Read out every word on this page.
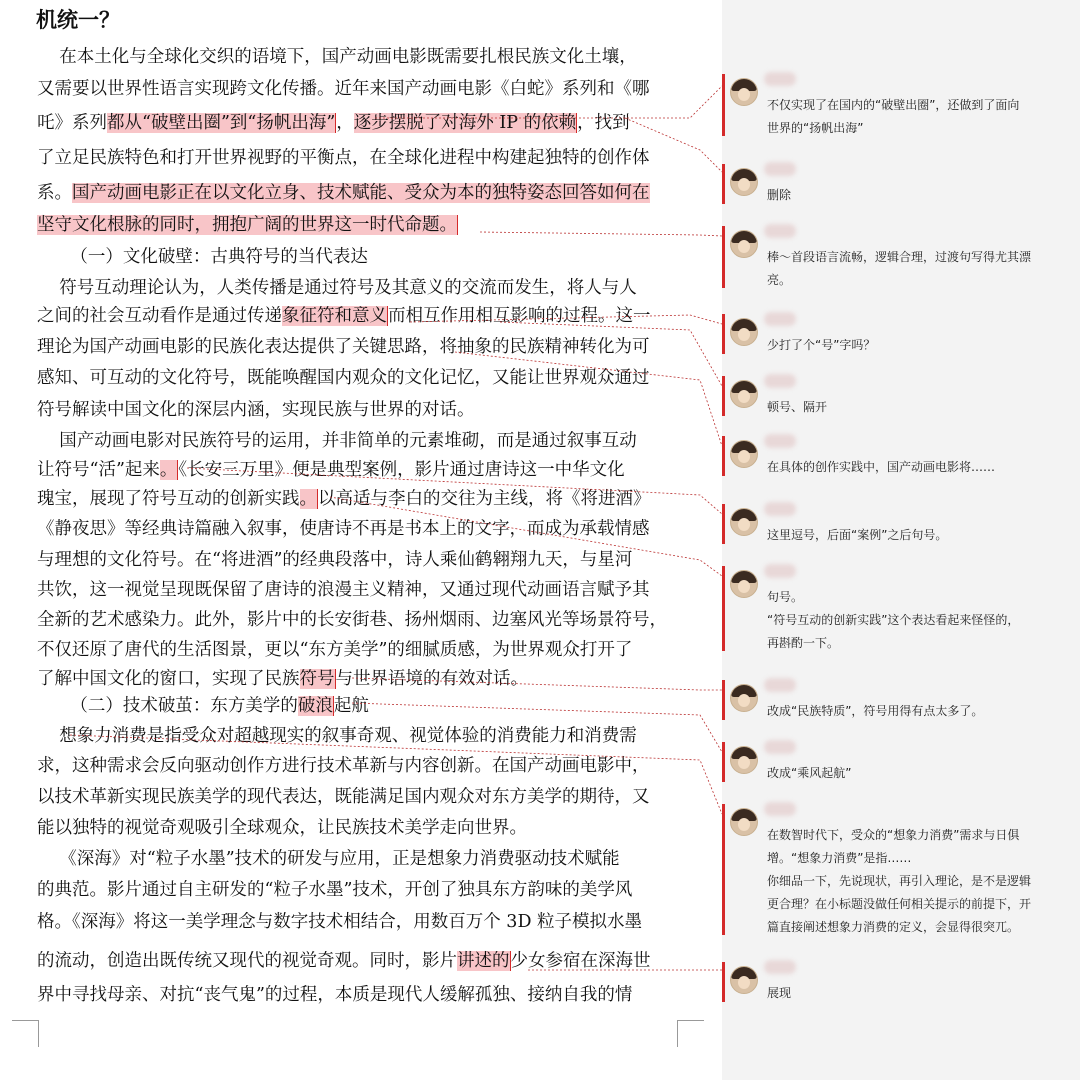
机统一？
在本土化与全球化交织的语境下，国产动画电影既需要扎根民族文化土壤，
又需要以世界性语言实现跨文化传播。近年来国产动画电影《白蛇》系列和《哪
吒》系列都从“破壁出圈”到“扬帆出海”，逐步摆脱了对海外 IP 的依赖，找到
了立足民族特色和打开世界视野的平衡点，在全球化进程中构建起独特的创作体
系。国产动画电影正在以文化立身、技术赋能、受众为本的独特姿态回答如何在
坚守文化根脉的同时，拥抱广阔的世界这一时代命题。
（一）文化破壁：古典符号的当代表达
符号互动理论认为，人类传播是通过符号及其意义的交流而发生，将人与人
之间的社会互动看作是通过传递象征符和意义而相互作用相互影响的过程。这一
理论为国产动画电影的民族化表达提供了关键思路，将抽象的民族精神转化为可
感知、可互动的文化符号，既能唤醒国内观众的文化记忆，又能让世界观众通过
符号解读中国文化的深层内涵，实现民族与世界的对话。
国产动画电影对民族符号的运用，并非简单的元素堆砌，而是通过叙事互动
让符号“活”起来。《长安三万里》便是典型案例，影片通过唐诗这一中华文化
瑰宝，展现了符号互动的创新实践。以高适与李白的交往为主线，将《将进酒》
《静夜思》等经典诗篇融入叙事，使唐诗不再是书本上的文字，而成为承载情感
与理想的文化符号。在“将进酒”的经典段落中，诗人乘仙鹤翱翔九天，与星河
共饮，这一视觉呈现既保留了唐诗的浪漫主义精神，又通过现代动画语言赋予其
全新的艺术感染力。此外，影片中的长安街巷、扬州烟雨、边塞风光等场景符号，
不仅还原了唐代的生活图景，更以“东方美学”的细腻质感，为世界观众打开了
了解中国文化的窗口，实现了民族符号与世界语境的有效对话。
（二）技术破茧：东方美学的破浪起航
想象力消费是指受众对超越现实的叙事奇观、视觉体验的消费能力和消费需
求，这种需求会反向驱动创作方进行技术革新与内容创新。在国产动画电影中，
以技术革新实现民族美学的现代表达，既能满足国内观众对东方美学的期待，又
能以独特的视觉奇观吸引全球观众，让民族技术美学走向世界。
《深海》对“粒子水墨”技术的研发与应用，正是想象力消费驱动技术赋能
的典范。影片通过自主研发的“粒子水墨”技术，开创了独具东方韵味的美学风
格。《深海》将这一美学理念与数字技术相结合，用数百万个 3D 粒子模拟水墨
的流动，创造出既传统又现代的视觉奇观。同时，影片讲述的少女参宿在深海世
界中寻找母亲、对抗“丧气鬼”的过程，本质是现代人缓解孤独、接纳自我的情
不仅实现了在国内的“破壁出圈”，还做到了面向
世界的“扬帆出海”
删除
棒～首段语言流畅，逻辑合理，过渡句写得尤其漂
亮。
少打了个“号”字吗？
顿号、隔开
在具体的创作实践中，国产动画电影将……
这里逗号，后面“案例”之后句号。
句号。
“符号互动的创新实践”这个表达看起来怪怪的，
再斟酌一下。
改成“民族特质”，符号用得有点太多了。
改成“乘风起航”
在数智时代下，受众的“想象力消费”需求与日俱
增。“想象力消费”是指……
你细品一下，先说现状，再引入理论，是不是逻辑
更合理？在小标题没做任何相关提示的前提下，开
篇直接阐述想象力消费的定义，会显得很突兀。
展现
